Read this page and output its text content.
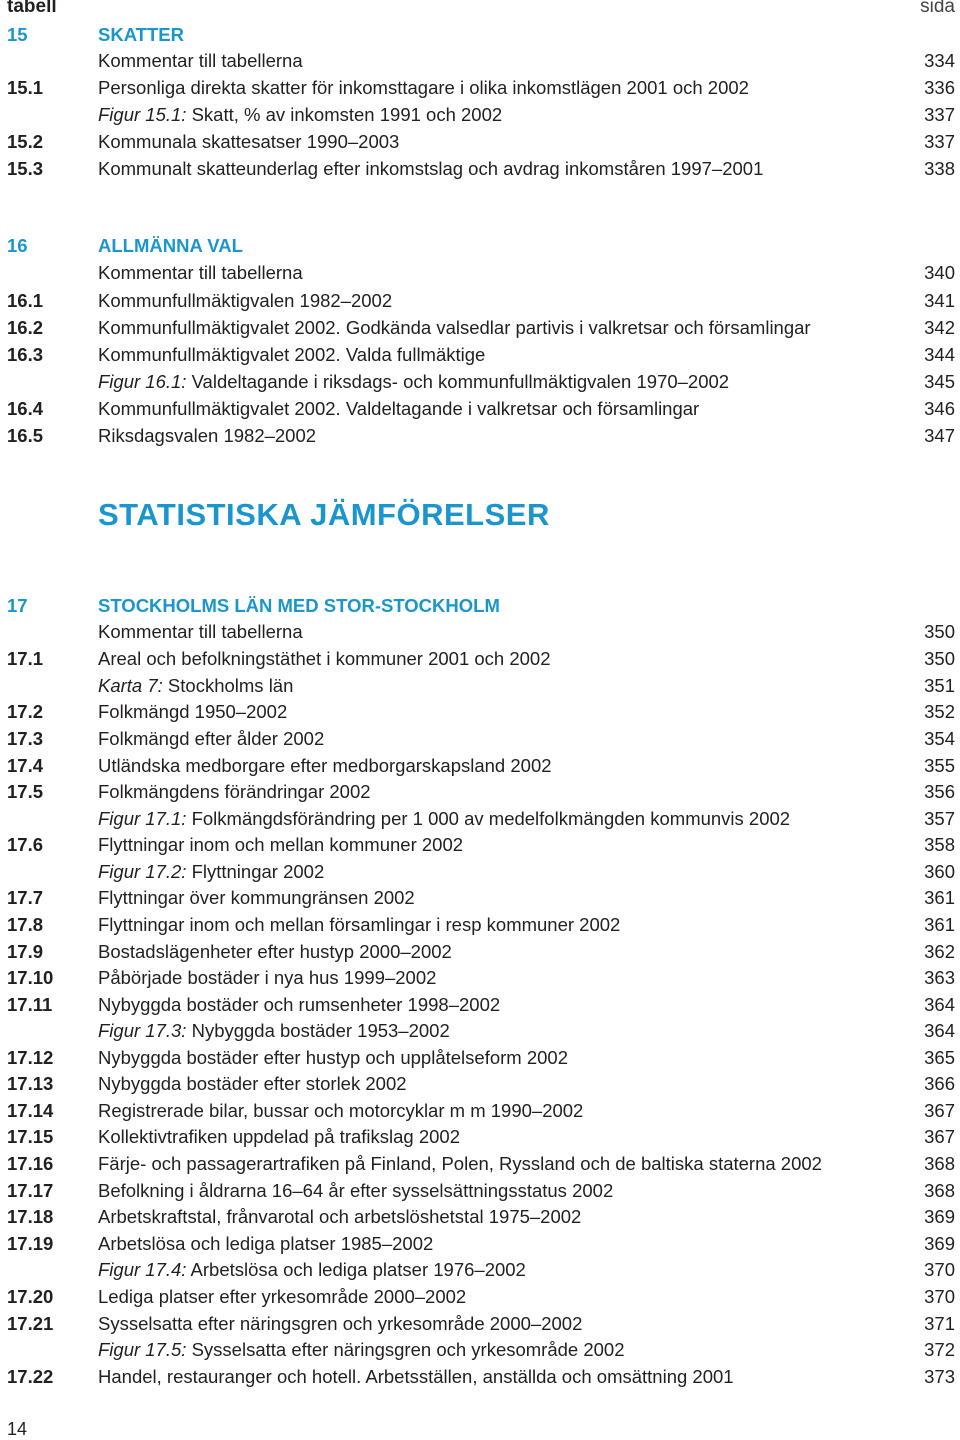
tabell	sida
15	SKATTER
Kommentar till tabellerna	334
15.1	Personliga direkta skatter för inkomsttagare i olika inkomstlägen 2001 och 2002	336
Figur 15.1: Skatt, % av inkomsten 1991 och 2002	337
15.2	Kommunala skattesatser 1990–2003	337
15.3	Kommunalt skatteunderlag efter inkomstslag och avdrag inkomståren 1997–2001	338
16	ALLMÄNNA VAL
Kommentar till tabellerna	340
16.1	Kommunfullmäktigvalen 1982–2002	341
16.2	Kommunfullmäktigvalet 2002. Godkända valsedlar partivis i valkretsar och församlingar	342
16.3	Kommunfullmäktigvalet 2002. Valda fullmäktige	344
Figur 16.1: Valdeltagande i riksdags- och kommunfullmäktigvalen 1970–2002	345
16.4	Kommunfullmäktigvalet 2002. Valdeltagande i valkretsar och församlingar	346
16.5	Riksdagsvalen 1982–2002	347
17	STOCKHOLMS LÄN MED STOR-STOCKHOLM
Kommentar till tabellerna	350
17.1	Areal och befolkningstäthet i kommuner 2001 och 2002	350
Karta 7: Stockholms län	351
17.2	Folkmängd 1950–2002	352
17.3	Folkmängd efter ålder 2002	354
17.4	Utländska medborgare efter medborgarskapsland 2002	355
17.5	Folkmängdens förändringar 2002	356
Figur 17.1: Folkmängdsförändring per 1 000 av medelfolkmängden kommunvis 2002	357
17.6	Flyttningar inom och mellan kommuner 2002	358
Figur 17.2: Flyttningar 2002	360
17.7	Flyttningar över kommungränsen 2002	361
17.8	Flyttningar inom och mellan församlingar i resp kommuner 2002	361
17.9	Bostadslägenheter efter hustyp 2000–2002	362
17.10 Påbörjade bostäder i nya hus 1999–2002	363
17.11 Nybyggda bostäder och rumsenheter 1998–2002	364
Figur 17.3: Nybyggda bostäder 1953–2002	364
17.12 Nybyggda bostäder efter hustyp och upplåtelseform 2002	365
17.13 Nybyggda bostäder efter storlek 2002	366
17.14 Registrerade bilar, bussar och motorcyklar m m 1990–2002	367
17.15 Kollektivtrafiken uppdelad på trafikslag 2002	367
17.16 Färje- och passagerartrafiken på Finland, Polen, Ryssland och de baltiska staterna 2002	368
17.17 Befolkning i åldrarna 16–64 år efter sysselsättningsstatus 2002	368
17.18 Arbetskraftstal, frånvarotal och arbetslöshetstal 1975–2002	369
17.19 Arbetslösa och lediga platser 1985–2002	369
Figur 17.4: Arbetslösa och lediga platser 1976–2002	370
17.20 Lediga platser efter yrkesområde 2000–2002	370
17.21 Sysselsatta efter näringsgren och yrkesområde 2000–2002	371
Figur 17.5: Sysselsatta efter näringsgren och yrkesområde 2002	372
17.22 Handel, restauranger och hotell. Arbetsställen, anställda och omsättning 2001	373
STATISTISKA JÄMFÖRELSER
14
